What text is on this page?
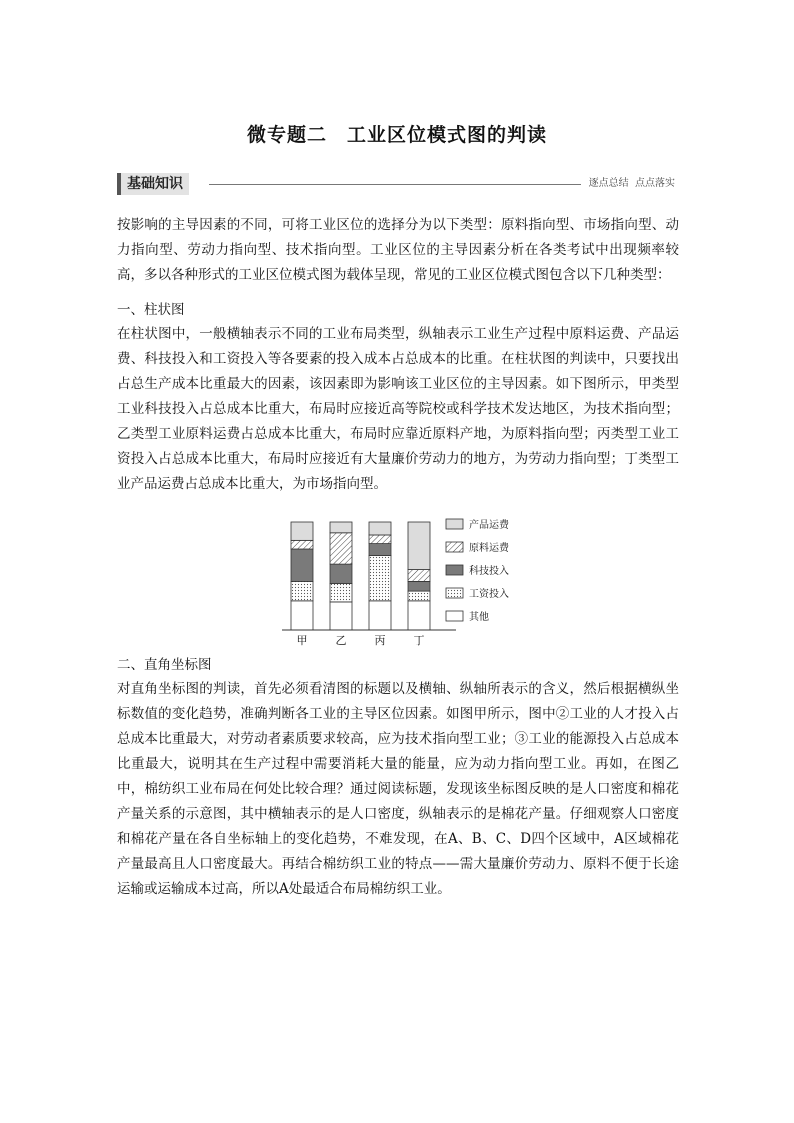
微专题二　工业区位模式图的判读
基础知识	逐点总结  点点落实

按影响的主导因素的不同，可将工业区位的选择分为以下类型：原料指向型、市场指向型、动力指向型、劳动力指向型、技术指向型。工业区位的主导因素分析在各类考试中出现频率较高，多以各种形式的工业区位模式图为载体呈现，常见的工业区位模式图包含以下几种类型：

一、柱状图

在柱状图中，一般横轴表示不同的工业布局类型，纵轴表示工业生产过程中原料运费、产品运费、科技投入和工资投入等各要素的投入成本占总成本的比重。在柱状图的判读中，只要找出占总生产成本比重最大的因素，该因素即为影响该工业区位的主导因素。如下图所示，甲类型工业科技投入占总成本比重大，布局时应接近高等院校或科学技术发达地区，为技术指向型；乙类型工业原料运费占总成本比重大，布局时应靠近原料产地，为原料指向型；丙类型工业工资投入占总成本比重大，布局时应接近有大量廉价劳动力的地方，为劳动力指向型；丁类型工业产品运费占总成本比重大，为市场指向型。

甲	乙	丙	丁
产品运费
原料运费
科技投入
工资投入
其他

二、直角坐标图

对直角坐标图的判读，首先必须看清图的标题以及横轴、纵轴所表示的含义，然后根据横纵坐标数值的变化趋势，准确判断各工业的主导区位因素。如图甲所示，图中②工业的人才投入占总成本比重最大，对劳动者素质要求较高，应为技术指向型工业；③工业的能源投入占总成本比重最大，说明其在生产过程中需要消耗大量的能量，应为动力指向型工业。再如，在图乙中，棉纺织工业布局在何处比较合理？通过阅读标题，发现该坐标图反映的是人口密度和棉花产量关系的示意图，其中横轴表示的是人口密度，纵轴表示的是棉花产量。仔细观察人口密度和棉花产量在各自坐标轴上的变化趋势，不难发现，在A、B、C、D四个区域中，A区域棉花产量最高且人口密度最大。再结合棉纺织工业的特点——需大量廉价劳动力、原料不便于长途运输或运输成本过高，所以A处最适合布局棉纺织工业。
